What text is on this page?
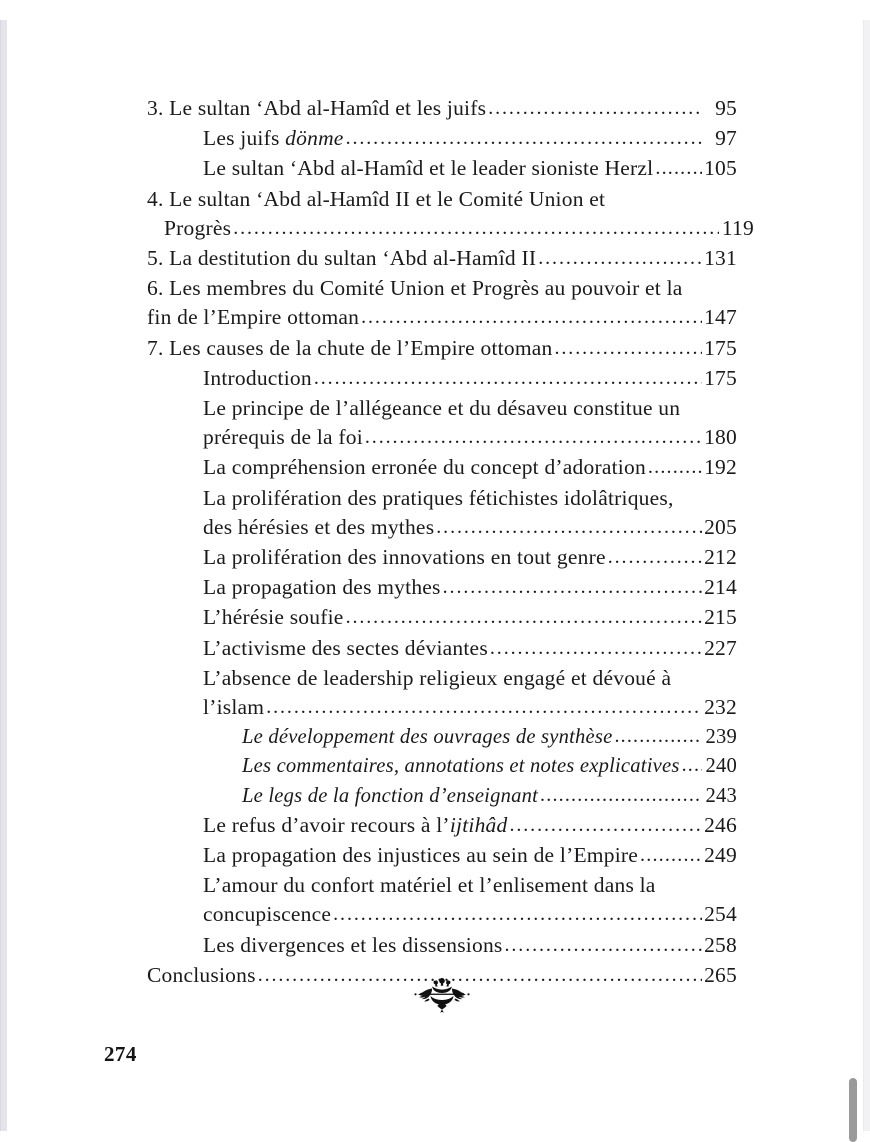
3. Le sultan ‘Abd al-Hamîd et les juifs .....	95
Les juifs dönme .....	97
Le sultan ‘Abd al-Hamîd et le leader sioniste Herzl ..... 105
4. Le sultan ‘Abd al-Hamîd II et le Comité Union et
Progrès .....	119
5. La destitution du sultan ‘Abd al-Hamîd II .....	131
6. Les membres du Comité Union et Progrès au pouvoir et la
fin de l’Empire ottoman .....	147
7. Les causes de la chute de l’Empire ottoman .....	175
Introduction .....	175
Le principe de l’allégeance et du désaveu constitue un
prérequis de la foi .....	180
La compréhension erronée du concept d’adoration .....	192
La prolifération des pratiques fétichistes idolâtriques,
des hérésies et des mythes .....	205
La prolifération des innovations en tout genre .....	212
La propagation des mythes .....	214
L’hérésie soufie .....	215
L’activisme des sectes déviantes .....	227
L’absence de leadership religieux engagé et dévoué à
l’islam .....	232
Le développement des ouvrages de synthèse .....	239
Les commentaires, annotations et notes explicatives ..... 240
Le legs de la fonction d’enseignant .....	243
Le refus d’avoir recours à l’ijtihâd .....	246
La propagation des injustices au sein de l’Empire .....	249
L’amour du confort matériel et l’enlisement dans la
concupiscence .....	254
Les divergences et les dissensions .....	258
Conclusions .....	265
274
